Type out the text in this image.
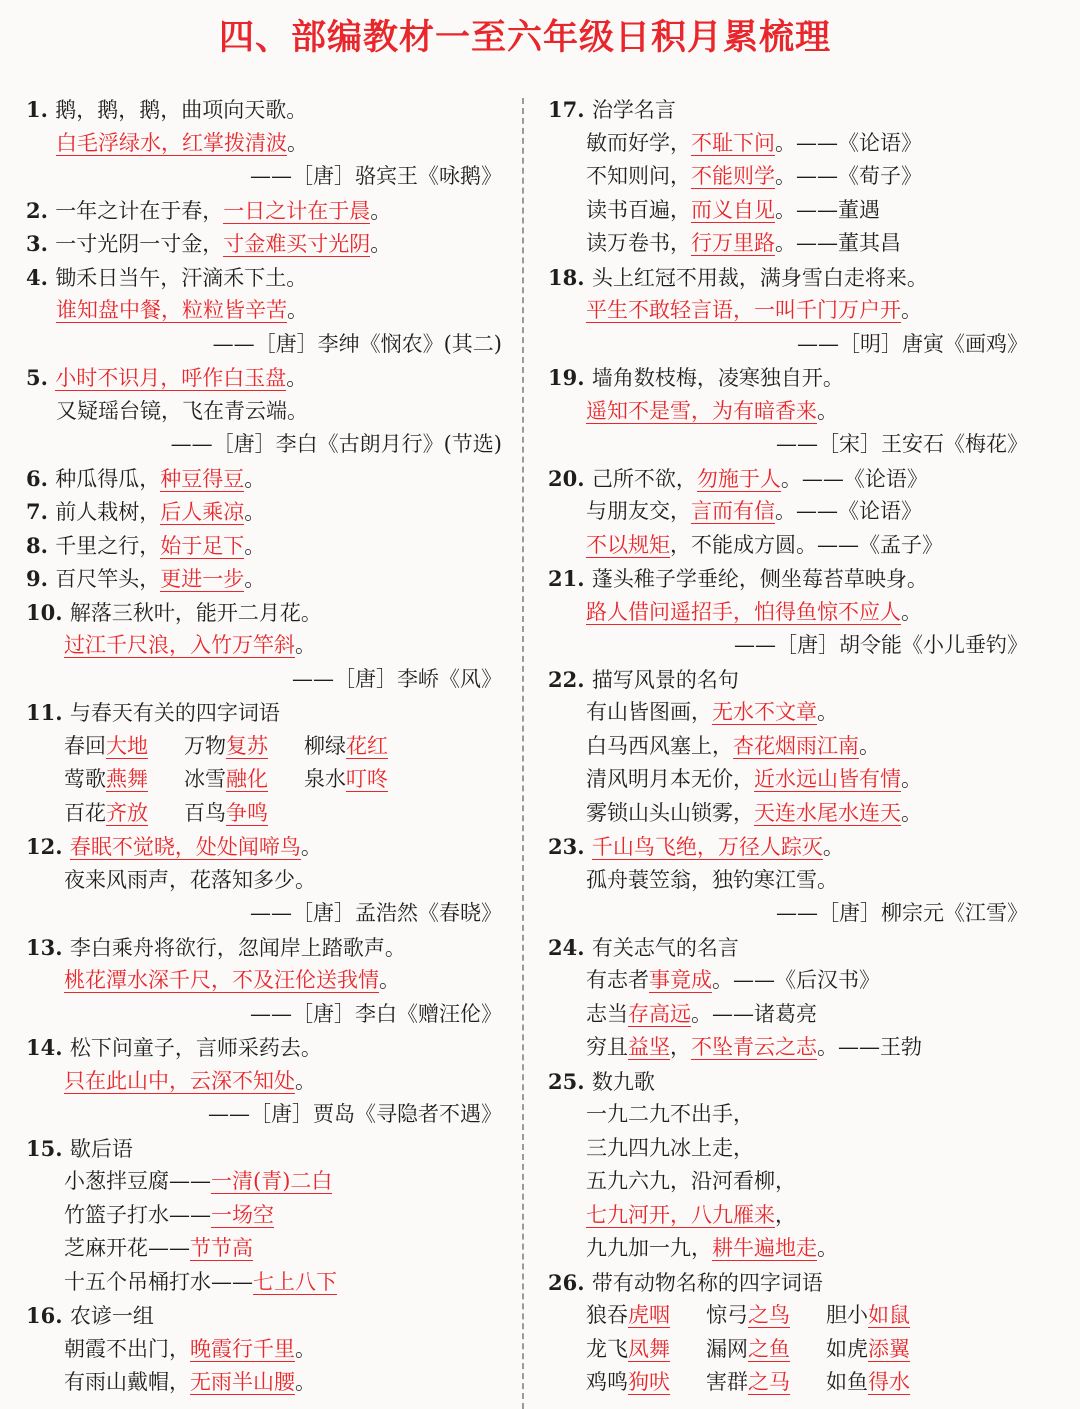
四、部编教材一至六年级日积月累梳理
1. 鹅，鹅，鹅，曲项向天歌。
白毛浮绿水，红掌拨清波。
——［唐］骆宾王《咏鹅》
2. 一年之计在于春，一日之计在于晨。
3. 一寸光阴一寸金，寸金难买寸光阴。
4. 锄禾日当午，汗滴禾下土。
谁知盘中餐，粒粒皆辛苦。
——［唐］李绅《悯农》(其二)
5. 小时不识月，呼作白玉盘。
又疑瑶台镜，飞在青云端。
——［唐］李白《古朗月行》(节选)
6. 种瓜得瓜，种豆得豆。
7. 前人栽树，后人乘凉。
8. 千里之行，始于足下。
9. 百尺竿头，更进一步。
10. 解落三秋叶，能开二月花。
过江千尺浪，入竹万竿斜。
——［唐］李峤《风》
11. 与春天有关的四字词语
春回大地 万物复苏 柳绿花红
莺歌燕舞 冰雪融化 泉水叮咚
百花齐放 百鸟争鸣
12. 春眠不觉晓，处处闻啼鸟。
夜来风雨声，花落知多少。
——［唐］孟浩然《春晓》
13. 李白乘舟将欲行，忽闻岸上踏歌声。
桃花潭水深千尺，不及汪伦送我情。
——［唐］李白《赠汪伦》
14. 松下问童子，言师采药去。
只在此山中，云深不知处。
——［唐］贾岛《寻隐者不遇》
15. 歇后语
小葱拌豆腐——一清(青)二白
竹篮子打水——一场空
芝麻开花——节节高
十五个吊桶打水——七上八下
16. 农谚一组
朝霞不出门，晚霞行千里。
有雨山戴帽，无雨半山腰。
17. 治学名言
敏而好学，不耻下问。——《论语》
不知则问，不能则学。——《荀子》
读书百遍，而义自见。——董遇
读万卷书，行万里路。——董其昌
18. 头上红冠不用裁，满身雪白走将来。
平生不敢轻言语，一叫千门万户开。
——［明］唐寅《画鸡》
19. 墙角数枝梅，凌寒独自开。
遥知不是雪，为有暗香来。
——［宋］王安石《梅花》
20. 己所不欲，勿施于人。——《论语》
与朋友交，言而有信。——《论语》
不以规矩，不能成方圆。——《孟子》
21. 蓬头稚子学垂纶，侧坐莓苔草映身。
路人借问遥招手，怕得鱼惊不应人。
——［唐］胡令能《小儿垂钓》
22. 描写风景的名句
有山皆图画，无水不文章。
白马西风塞上，杏花烟雨江南。
清风明月本无价，近水远山皆有情。
雾锁山头山锁雾，天连水尾水连天。
23. 千山鸟飞绝，万径人踪灭。
孤舟蓑笠翁，独钓寒江雪。
——［唐］柳宗元《江雪》
24. 有关志气的名言
有志者事竟成。——《后汉书》
志当存高远。——诸葛亮
穷且益坚，不坠青云之志。——王勃
25. 数九歌
一九二九不出手，
三九四九冰上走，
五九六九，沿河看柳，
七九河开，八九雁来，
九九加一九，耕牛遍地走。
26. 带有动物名称的四字词语
狼吞虎咽 惊弓之鸟 胆小如鼠
龙飞凤舞 漏网之鱼 如虎添翼
鸡鸣狗吠 害群之马 如鱼得水
